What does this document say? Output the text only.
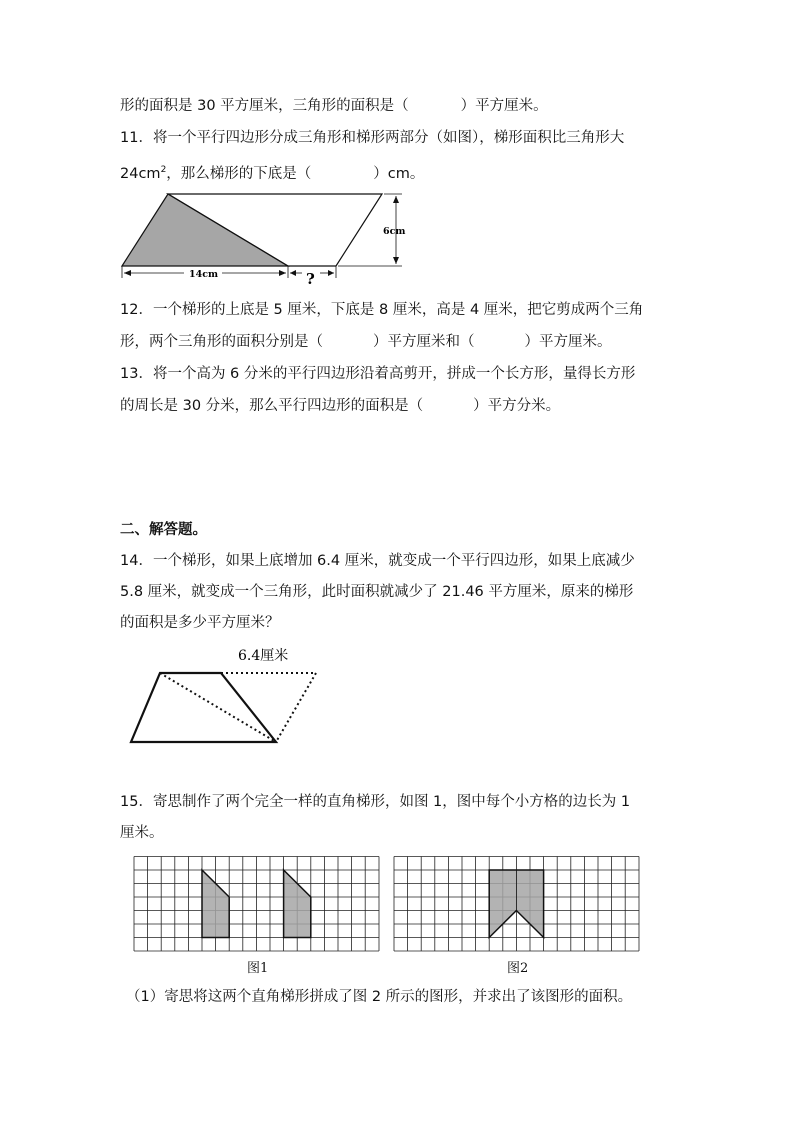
形的面积是 30 平方厘米，三角形的面积是（	）平方厘米。
11．将一个平行四边形分成三角形和梯形两部分（如图），梯形面积比三角形大
$24cm^2$，那么梯形的下底是（	）cm。
6cm
14cm	?
12．一个梯形的上底是 5 厘米，下底是 8 厘米，高是 4 厘米，把它剪成两个三角
形，两个三角形的面积分别是（	）平方厘米和（	）平方厘米。
13．将一个高为 6 分米的平行四边形沿着高剪开，拼成一个长方形，量得长方形
的周长是 30 分米，那么平行四边形的面积是（	）平方分米。
二、解答题。
14．一个梯形，如果上底增加 6.4 厘米，就变成一个平行四边形，如果上底减少
5.8 厘米，就变成一个三角形，此时面积就减少了 21.46 平方厘米，原来的梯形
的面积是多少平方厘米？
6.4厘米
15．寄思制作了两个完全一样的直角梯形，如图 1，图中每个小方格的边长为 1
厘米。
图1	图2
（1）寄思将这两个直角梯形拼成了图 2 所示的图形，并求出了该图形的面积。
